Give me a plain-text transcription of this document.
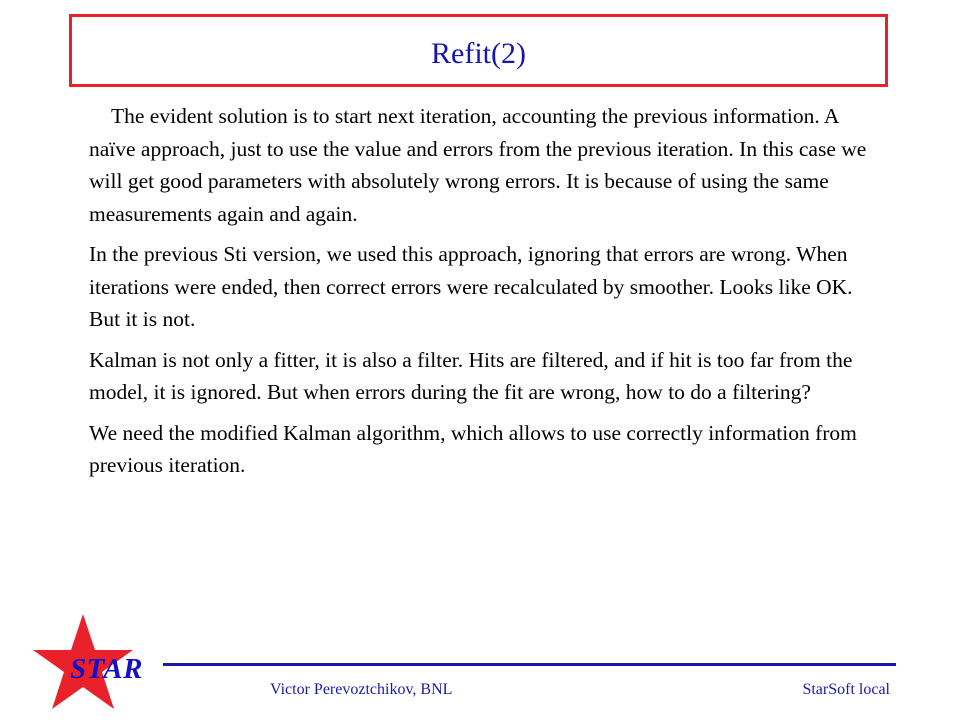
Refit(2)

The evident solution is to start next iteration, accounting the previous information. A naïve approach, just to use the value and errors from the previous iteration. In this case we will get good parameters with absolutely wrong errors. It is because of using the same measurements again and again.

In the previous Sti version, we used this approach, ignoring that errors are wrong. When iterations were ended, then correct errors were recalculated by smoother. Looks like OK. But it is not.

Kalman is not only a fitter, it is also a filter. Hits are filtered, and if hit is too far from the model, it is ignored. But when errors during the fit are wrong, how to do a filtering?

We need the modified Kalman algorithm, which allows to use correctly information from previous iteration.

STAR
Victor Perevoztchikov, BNL	StarSoft local
